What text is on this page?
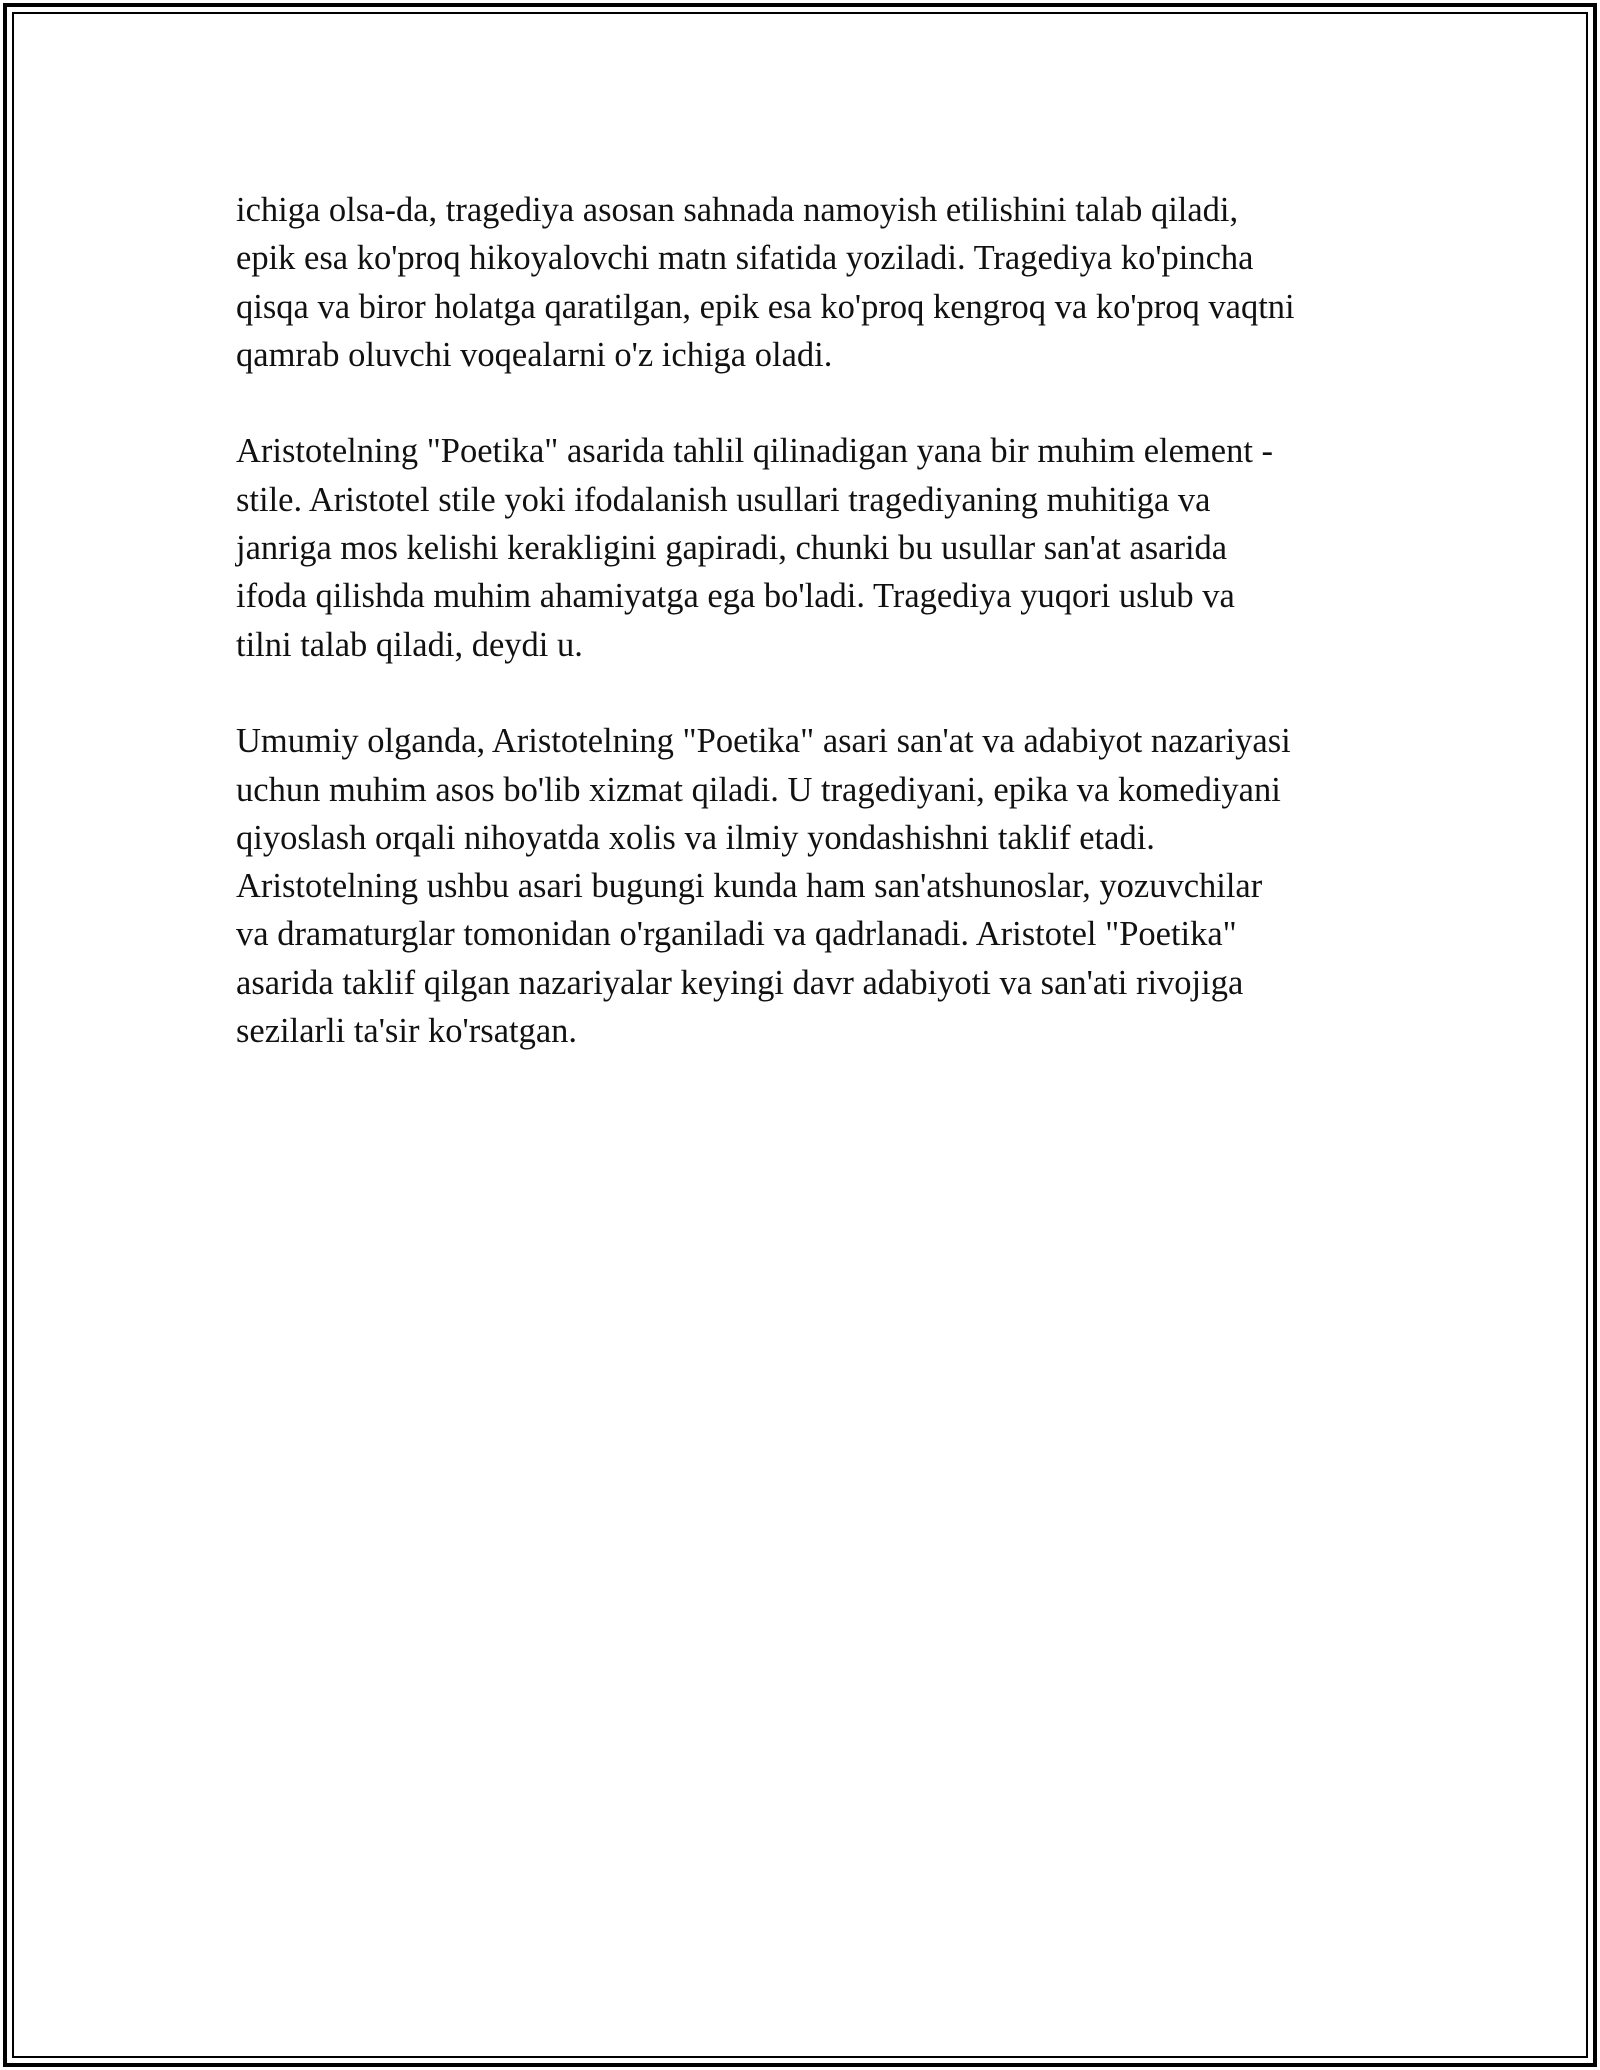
ichiga olsa-da, tragediya asosan sahnada namoyish etilishini talab qiladi,
epik esa ko'proq hikoyalovchi matn sifatida yoziladi. Tragediya ko'pincha
qisqa va biror holatga qaratilgan, epik esa ko'proq kengroq va ko'proq vaqtni
qamrab oluvchi voqealarni o'z ichiga oladi.

Aristotelning "Poetika" asarida tahlil qilinadigan yana bir muhim element -
stile. Aristotel stile yoki ifodalanish usullari tragediyaning muhitiga va
janriga mos kelishi kerakligini gapiradi, chunki bu usullar san'at asarida
ifoda qilishda muhim ahamiyatga ega bo'ladi. Tragediya yuqori uslub va
tilni talab qiladi, deydi u.

Umumiy olganda, Aristotelning "Poetika" asari san'at va adabiyot nazariyasi
uchun muhim asos bo'lib xizmat qiladi. U tragediyani, epika va komediyani
qiyoslash orqali nihoyatda xolis va ilmiy yondashishni taklif etadi.
Aristotelning ushbu asari bugungi kunda ham san'atshunoslar, yozuvchilar
va dramaturglar tomonidan o'rganiladi va qadrlanadi. Aristotel "Poetika"
asarida taklif qilgan nazariyalar keyingi davr adabiyoti va san'ati rivojiga
sezilarli ta'sir ko'rsatgan.
